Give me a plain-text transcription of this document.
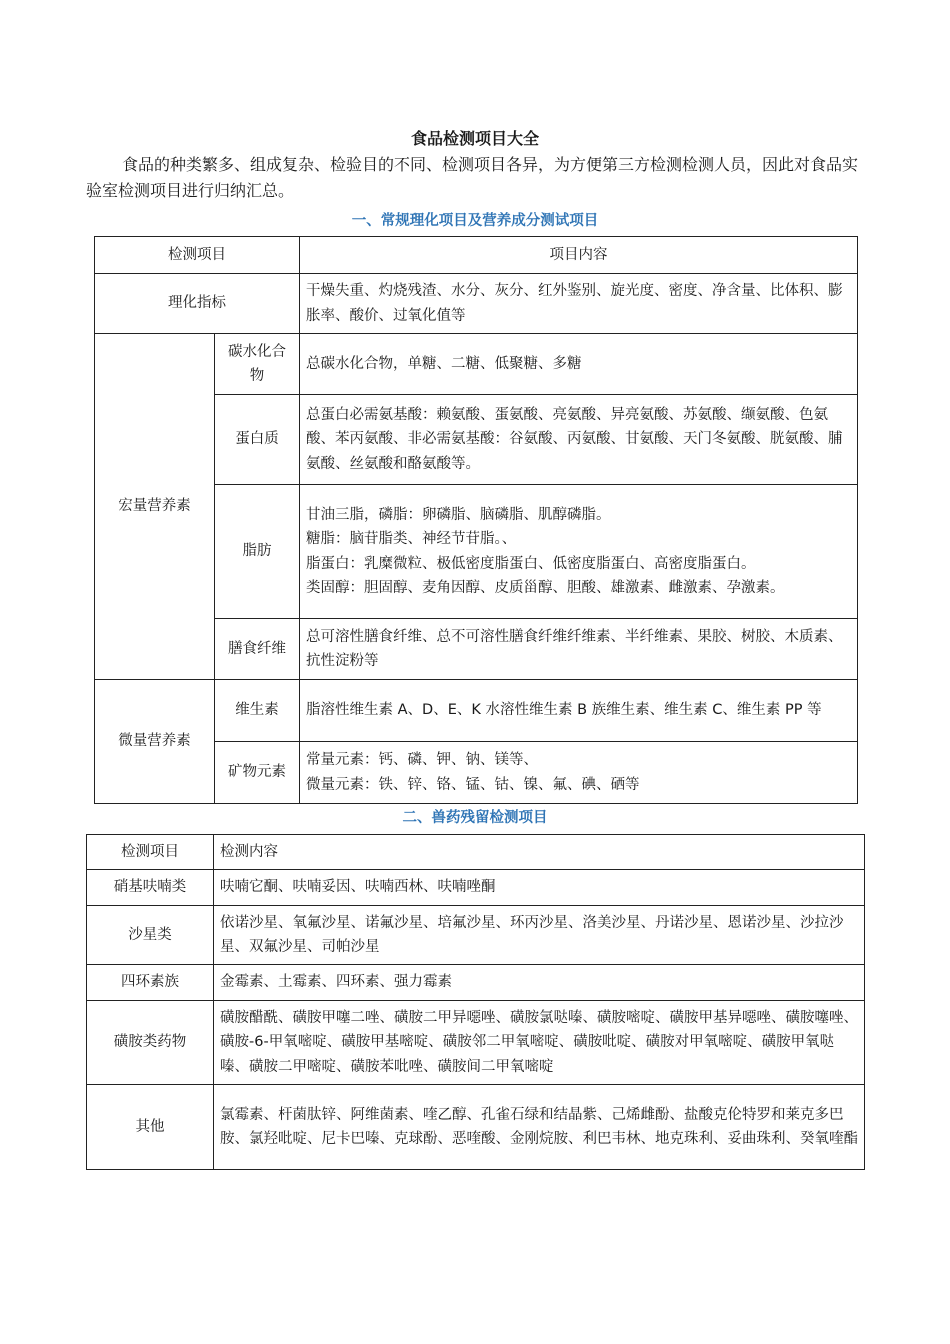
食品检测项目大全

食品的种类繁多、组成复杂、检验目的不同、检测项目各异，为方便第三方检测检测人员，因此对食品实验室检测项目进行归纳汇总。

一、常规理化项目及营养成分测试项目
检测项目		项目内容
理化指标		干燥失重、灼烧残渣、水分、灰分、红外鉴别、旋光度、密度、净含量、比体积、膨胀率、酸价、过氧化值等
宏量营养素	碳水化合物	总碳水化合物，单糖、二糖、低聚糖、多糖
	蛋白质	总蛋白必需氨基酸：赖氨酸、蛋氨酸、亮氨酸、异亮氨酸、苏氨酸、缬氨酸、色氨酸、苯丙氨酸、非必需氨基酸：谷氨酸、丙氨酸、甘氨酸、天门冬氨酸、胱氨酸、脯氨酸、丝氨酸和酪氨酸等。
	脂肪	甘油三脂，磷脂：卵磷脂、脑磷脂、肌醇磷脂。
糖脂：脑苷脂类、神经节苷脂。、
脂蛋白：乳糜微粒、极低密度脂蛋白、低密度脂蛋白、高密度脂蛋白。
类固醇：胆固醇、麦角因醇、皮质甾醇、胆酸、雄激素、雌激素、孕激素。

	膳食纤维	总可溶性膳食纤维、总不可溶性膳食纤维纤维素、半纤维素、果胶、树胶、木质素、抗性淀粉等
微量营养素	维生素	脂溶性维生素 A、D、E、K 水溶性维生素 B 族维生素、维生素 C、维生素 PP 等
	矿物元素	常量元素：钙、磷、钾、钠、镁等、
微量元素：铁、锌、铬、锰、钴、镍、氟、碘、硒等
二、兽药残留检测项目
检测项目	检测内容
硝基呋喃类	呋喃它酮、呋喃妥因、呋喃西林、呋喃唑酮
沙星类	依诺沙星、氧氟沙星、诺氟沙星、培氟沙星、环丙沙星、洛美沙星、丹诺沙星、恩诺沙星、沙拉沙星、双氟沙星、司帕沙星
四环素族	金霉素、土霉素、四环素、强力霉素
磺胺类药物	磺胺醋酰、磺胺甲噻二唑、磺胺二甲异噁唑、磺胺氯哒嗪、磺胺嘧啶、磺胺甲基异噁唑、磺胺噻唑、磺胺-6-甲氧嘧啶、磺胺甲基嘧啶、磺胺邻二甲氧嘧啶、磺胺吡啶、磺胺对甲氧嘧啶、磺胺甲氧哒嗪、磺胺二甲嘧啶、磺胺苯吡唑、磺胺间二甲氧嘧啶
其他	氯霉素、杆菌肽锌、阿维菌素、喹乙醇、孔雀石绿和结晶紫、己烯雌酚、盐酸克伦特罗和莱克多巴胺、氯羟吡啶、尼卡巴嗪、克球酚、恶喹酸、金刚烷胺、利巴韦林、地克珠利、妥曲珠利、癸氧喹酯
